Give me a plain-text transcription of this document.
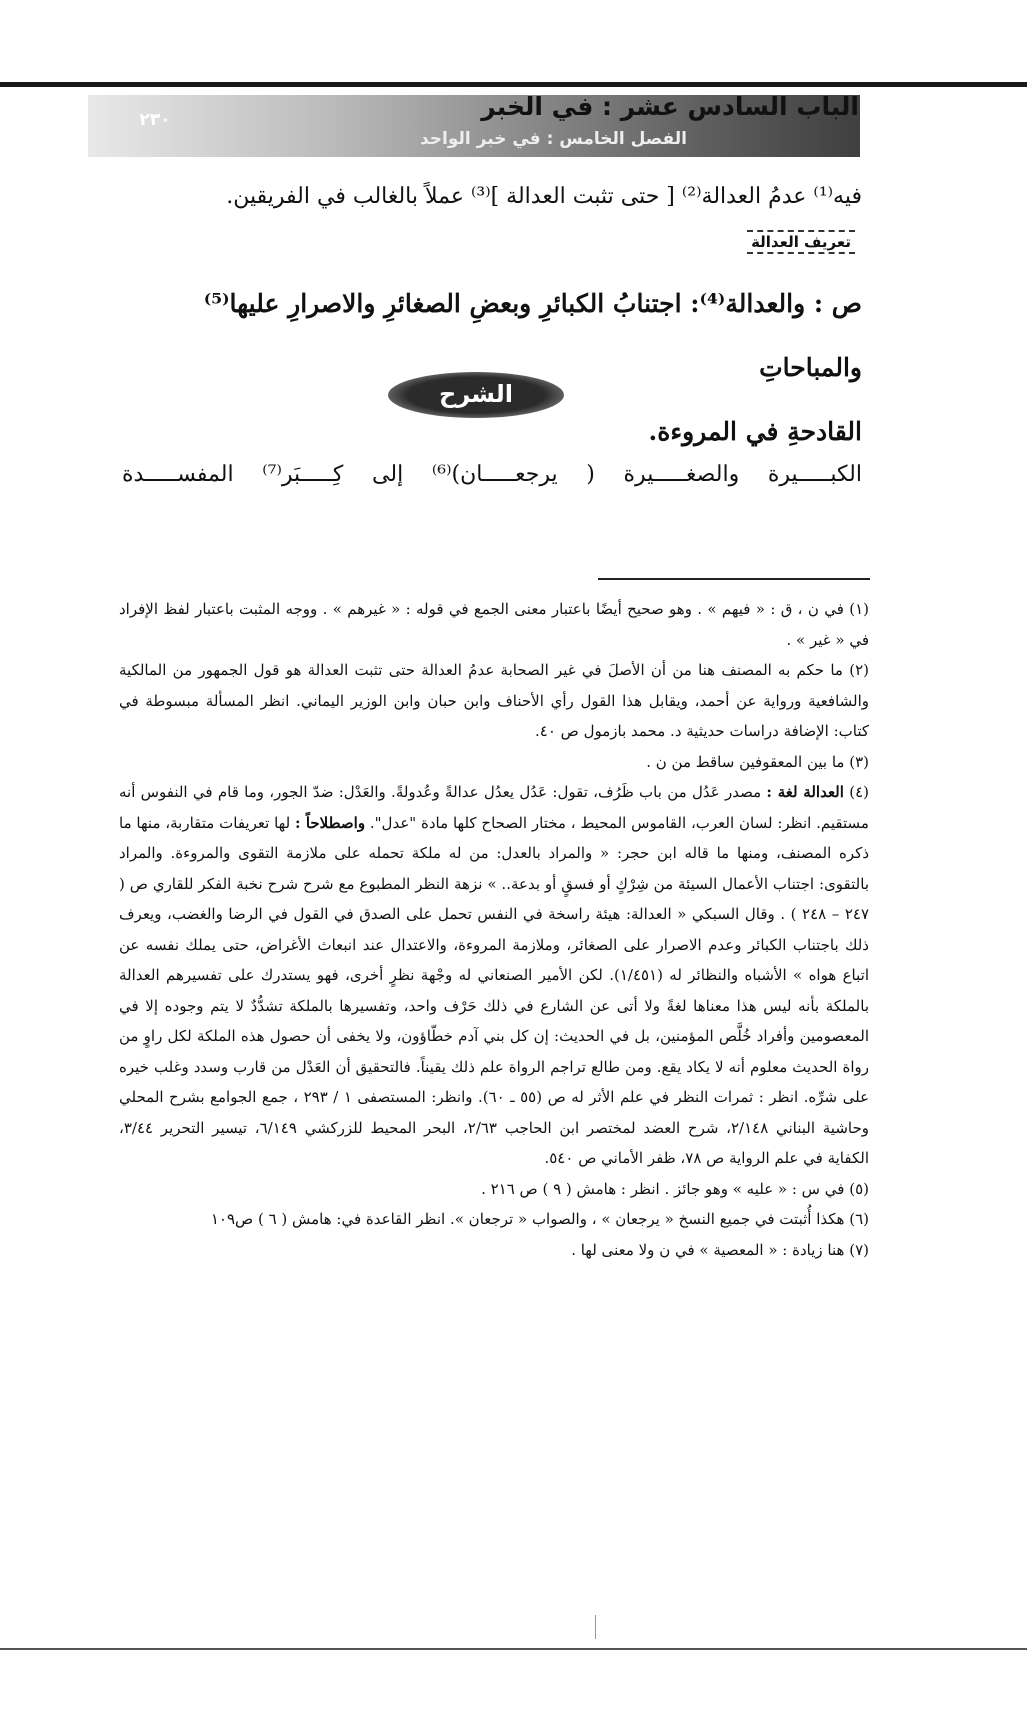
٢٣٠	الباب السادس عشر : في الخبر
الفصل الخامس : في خبر الواحد
فيه⁽¹⁾ عدمُ العدالة⁽²⁾ [ حتى تثبت العدالة ]⁽³⁾ عملاً بالغالب في الفريقين.
تعريف العدالة
ص : والعدالة⁽⁴⁾: اجتنابُ الكبائرِ وبعضِ الصغائرِ والاصرارِ عليها⁽⁵⁾ والمباحاتِ
القادحةِ في المروءة.
الشرح
الكبـــــيرة والصغـــــيرة ( يرجعـــــان)⁽⁶⁾ إلى كِـــــبَر⁽⁷⁾ المفســـــدة

(١) في ن ، ق : « فيهم » . وهو صحيح أيضًا باعتبار معنى الجمع في قوله : « غيرهم » . ووجه المثبت باعتبار لفظ الإفراد في « غير » .

(٢) ما حكم به المصنف هنا من أن الأصلَ في غير الصحابة عدمُ العدالة حتى تثبت العدالة هو قول الجمهور من المالكية والشافعية ورواية عن أحمد، ويقابل هذا القول رأي الأحناف وابن حبان وابن الوزير اليماني. انظر المسألة مبسوطة في كتاب: الإضافة دراسات حديثية د. محمد بازمول ص ٤٠.

(٣) ما بين المعقوفين ساقط من ن .

(٤) العدالة لغة : مصدر عَدُل من باب ظَرُف، تقول: عَدُل يعدُل عدالةً وعُدولةً. والعَدْل: ضدّ الجور، وما قام في النفوس أنه مستقيم. انظر: لسان العرب، القاموس المحيط ، مختار الصحاح كلها مادة "عدل". واصطلاحاً : لها تعريفات متقاربة، منها ما ذكره المصنف، ومنها ما قاله ابن حجر: « والمراد بالعدل: من له ملكة تحمله على ملازمة التقوى والمروءة. والمراد بالتقوى: اجتناب الأعمال السيئة من شِرْكٍ أو فسقٍ أو بدعة.. » نزهة النظر المطبوع مع شرح شرح نخبة الفكر للقاري ص ( ٢٤٧ – ٢٤٨ ) . وقال السبكي « العدالة: هيئة راسخة في النفس تحمل على الصدق في القول في الرضا والغضب، ويعرف ذلك باجتناب الكبائر وعدم الاصرار على الصغائر، وملازمة المروءة، والاعتدال عند انبعاث الأغراض، حتى يملك نفسه عن اتباع هواه » الأشباه والنظائر له (١/٤٥١). لكن الأمير الصنعاني له وجْهة نظرٍ أخرى، فهو يستدرك على تفسيرهم العدالة بالملكة بأنه ليس هذا معناها لغةً ولا أتى عن الشارع في ذلك حَرْف واحد، وتفسيرها بالملكة تشدُّدٌ لا يتم وجوده إلا في المعصومين وأفراد خُلَّص المؤمنين، بل في الحديث: إن كل بني آدم خطّاؤون، ولا يخفى أن حصول هذه الملكة لكل راوٍ من رواة الحديث معلوم أنه لا يكاد يقع. ومن طالع تراجم الرواة علم ذلك يقيناً. فالتحقيق أن العَدْل من قارب وسدد وغلب خيره على شرِّه. انظر : ثمرات النظر في علم الأثر له ص (٥٥ ـ ٦٠). وانظر: المستصفى ١ / ٢٩٣ ، جمع الجوامع بشرح المحلي وحاشية البناني ٢/١٤٨، شرح العضد لمختصر ابن الحاجب ٢/٦٣، البحر المحيط للزركشي ٦/١٤٩، تيسير التحرير ٣/٤٤، الكفاية في علم الرواية ص ٧٨، ظفر الأماني ص ٥٤٠.

(٥) في س : « عليه » وهو جائز . انظر : هامش ( ٩ ) ص ٢١٦ .

(٦) هكذا أُثبتت في جميع النسخ « يرجعان » ، والصواب « ترجعان ». انظر القاعدة في: هامش ( ٦ ) ص١٠٩

(٧) هنا زيادة : « المعصية » في ن ولا معنى لها .
